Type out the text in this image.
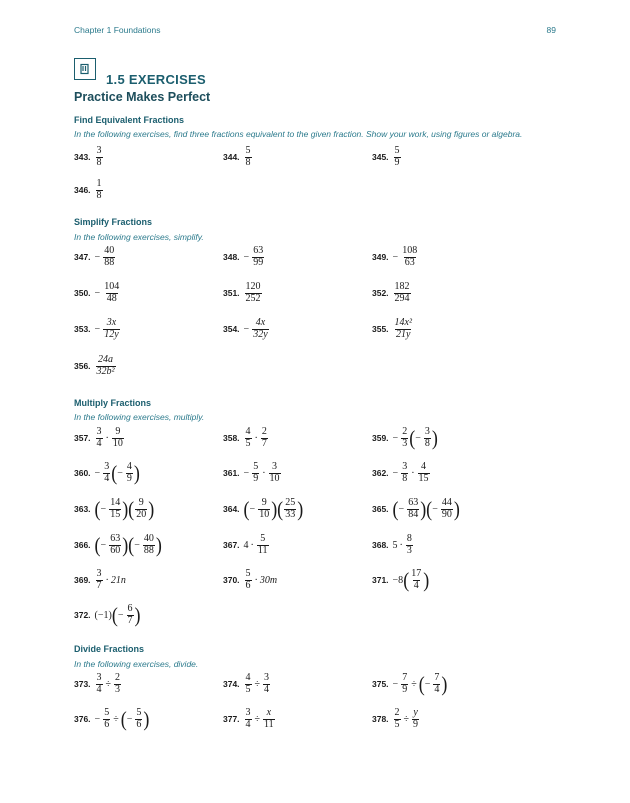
Chapter 1 Foundations	89
1.5 EXERCISES
Practice Makes Perfect
Find Equivalent Fractions
In the following exercises, find three fractions equivalent to the given fraction. Show your work, using figures or algebra.
343. $\frac{3}{8}$	344. $\frac{5}{8}$	345. $\frac{5}{9}$
346. $\frac{1}{8}$
Simplify Fractions
In the following exercises, simplify.
347. − $\frac{40}{88}$	348. − $\frac{63}{99}$	349. − $\frac{108}{63}$
350. − $\frac{104}{48}$	351. $\frac{120}{252}$	352. $\frac{182}{294}$
353. − $\frac{3x}{12y}$	354. − $\frac{4x}{32y}$	355. $\frac{\text{14x²}}{21y}$
356. $\frac{24a}{\text{32b²}}$
Multiply Fractions
In the following exercises, multiply.
357. $\frac{3}{4} \cdot \frac{9}{10}$	358. $\frac{4}{5} \cdot \frac{2}{7}$	359. − $\frac{2}{3}$ ( − $\frac{3}{8}$ )
360. − $\frac{3}{4}$ ( − $\frac{4}{9}$ )	361. − $\frac{5}{9} \cdot \frac{3}{10}$	362. − $\frac{3}{8} \cdot \frac{4}{15}$
363. ( − $\frac{14}{15}$ )( $\frac{9}{20}$ )	364. ( − $\frac{9}{10}$ )( $\frac{25}{33}$ )	365. ( − $\frac{63}{84}$ )( − $\frac{44}{90}$ )
366. ( − $\frac{63}{60}$ )( − $\frac{40}{88}$ )	367. $4 \cdot \frac{5}{11}$	368. $5 \cdot \frac{8}{3}$
369. $\frac{3}{7} \cdot 21n$	370. $\frac{5}{6} \cdot 30m$	371. −8 ( $\frac{17}{4}$ )
372. (−1) ( − $\frac{6}{7}$ )
Divide Fractions
In the following exercises, divide.
373. $\frac{3}{4} \div \frac{2}{3}$	374. $\frac{4}{5} \div \frac{3}{4}$	375. − $\frac{7}{9}$ ÷ ( − $\frac{7}{4}$ )
376. − $\frac{5}{6}$ ÷ ( − $\frac{5}{6}$ )	377. $\frac{3}{4} \div \frac{x}{11}$	378. $\frac{2}{5} \div \frac{y}{9}$
